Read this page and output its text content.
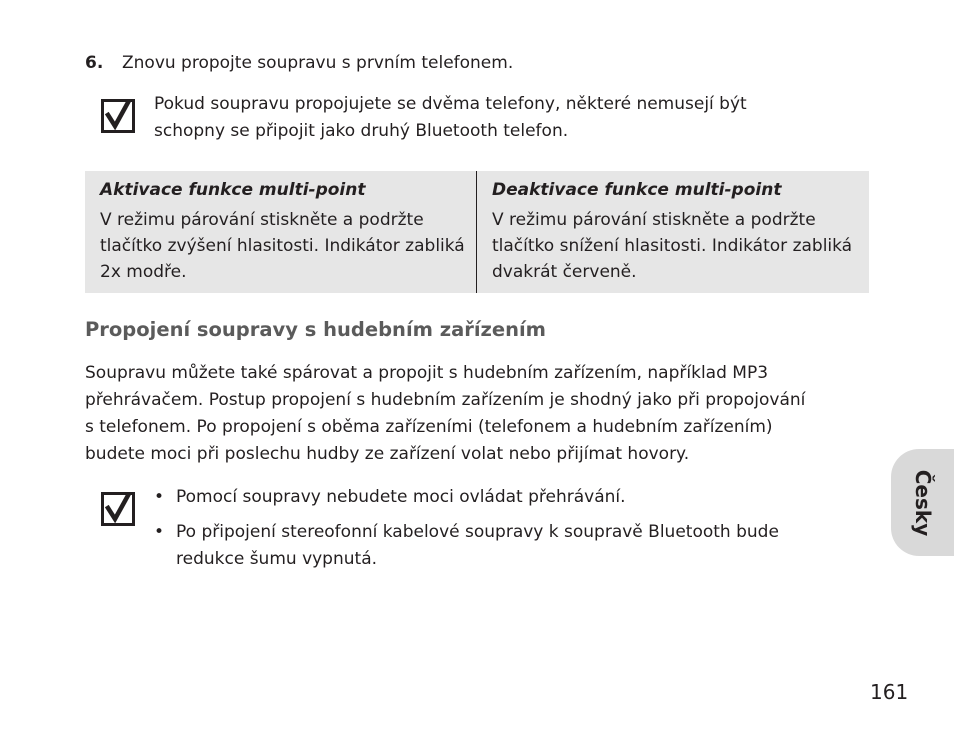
6. Znovu propojte soupravu s prvním telefonem.
Pokud soupravu propojujete se dvěma telefony, některé nemusejí být
schopny se připojit jako druhý Bluetooth telefon.
Aktivace funkce multi-point
V režimu párování stiskněte a podržte
tlačítko zvýšení hlasitosti. Indikátor zabliká
2x modře.
Deaktivace funkce multi-point
V režimu párování stiskněte a podržte
tlačítko snížení hlasitosti. Indikátor zabliká
dvakrát červeně.
Propojení soupravy s hudebním zařízením
Soupravu můžete také spárovat a propojit s hudebním zařízením, například MP3
přehrávačem. Postup propojení s hudebním zařízením je shodný jako při propojování
s telefonem. Po propojení s oběma zařízeními (telefonem a hudebním zařízením)
budete moci při poslechu hudby ze zařízení volat nebo přijímat hovory.
• Pomocí soupravy nebudete moci ovládat přehrávání.
• Po připojení stereofonní kabelové soupravy k soupravě Bluetooth bude
redukce šumu vypnutá.
Česky
161
